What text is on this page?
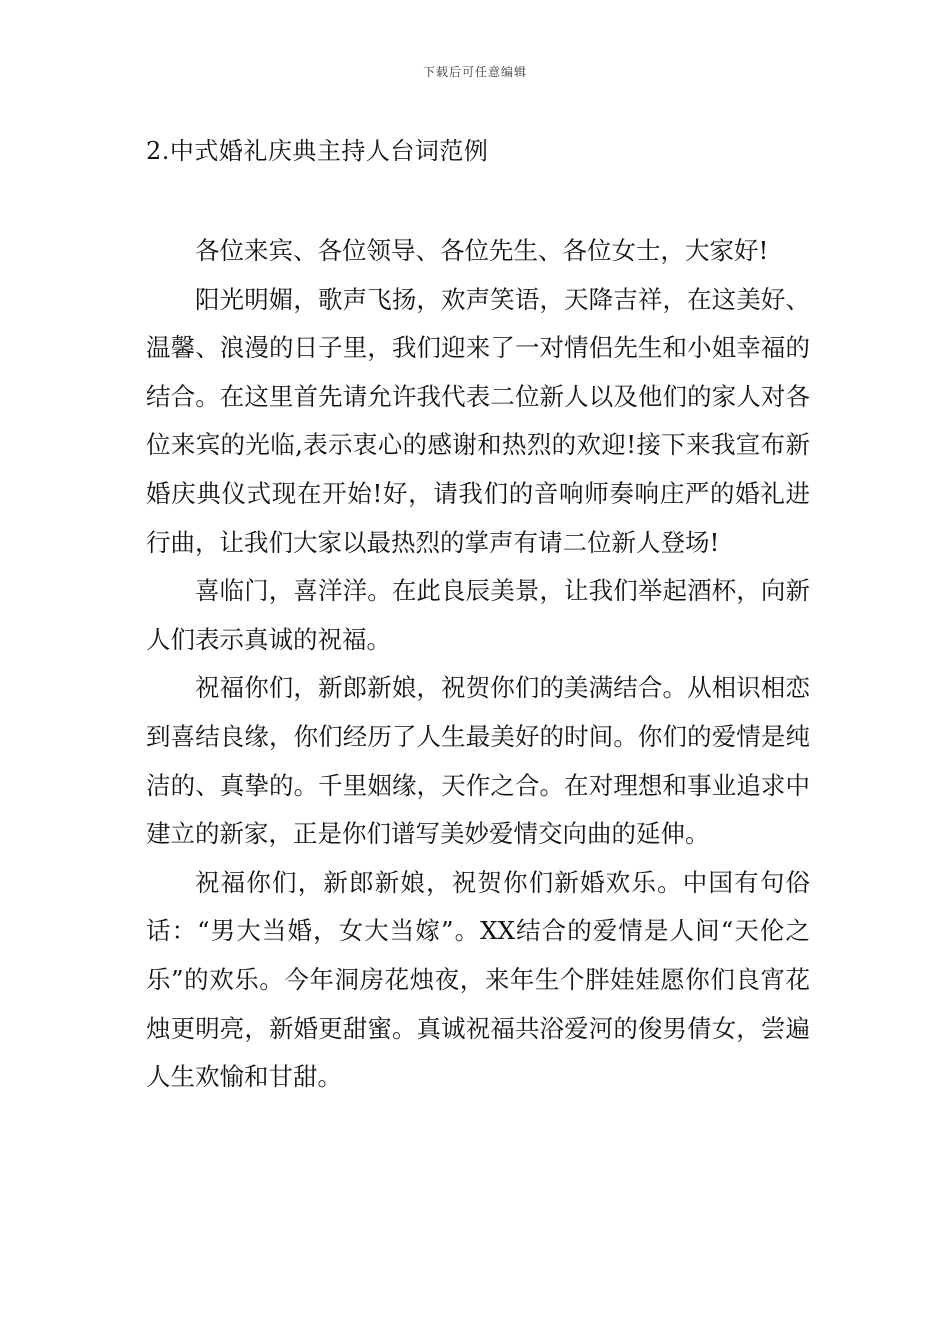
下载后可任意编辑
2.中式婚礼庆典主持人台词范例

各位来宾、各位领导、各位先生、各位女士，大家好!

阳光明媚，歌声飞扬，欢声笑语，天降吉祥，在这美好、温馨、浪漫的日子里，我们迎来了一对情侣先生和小姐幸福的结合。在这里首先请允许我代表二位新人以及他们的家人对各位来宾的光临,表示衷心的感谢和热烈的欢迎!接下来我宣布新婚庆典仪式现在开始!好，请我们的音响师奏响庄严的婚礼进行曲，让我们大家以最热烈的掌声有请二位新人登场!

喜临门，喜洋洋。在此良辰美景，让我们举起酒杯，向新人们表示真诚的祝福。

祝福你们，新郎新娘，祝贺你们的美满结合。从相识相恋到喜结良缘，你们经历了人生最美好的时间。你们的爱情是纯洁的、真挚的。千里姻缘，天作之合。在对理想和事业追求中建立的新家，正是你们谱写美妙爱情交向曲的延伸。

祝福你们，新郎新娘，祝贺你们新婚欢乐。中国有句俗话：“男大当婚，女大当嫁”。XX结合的爱情是人间“天伦之乐”的欢乐。今年洞房花烛夜，来年生个胖娃娃愿你们良宵花烛更明亮，新婚更甜蜜。真诚祝福共浴爱河的俊男倩女，尝遍人生欢愉和甘甜。
